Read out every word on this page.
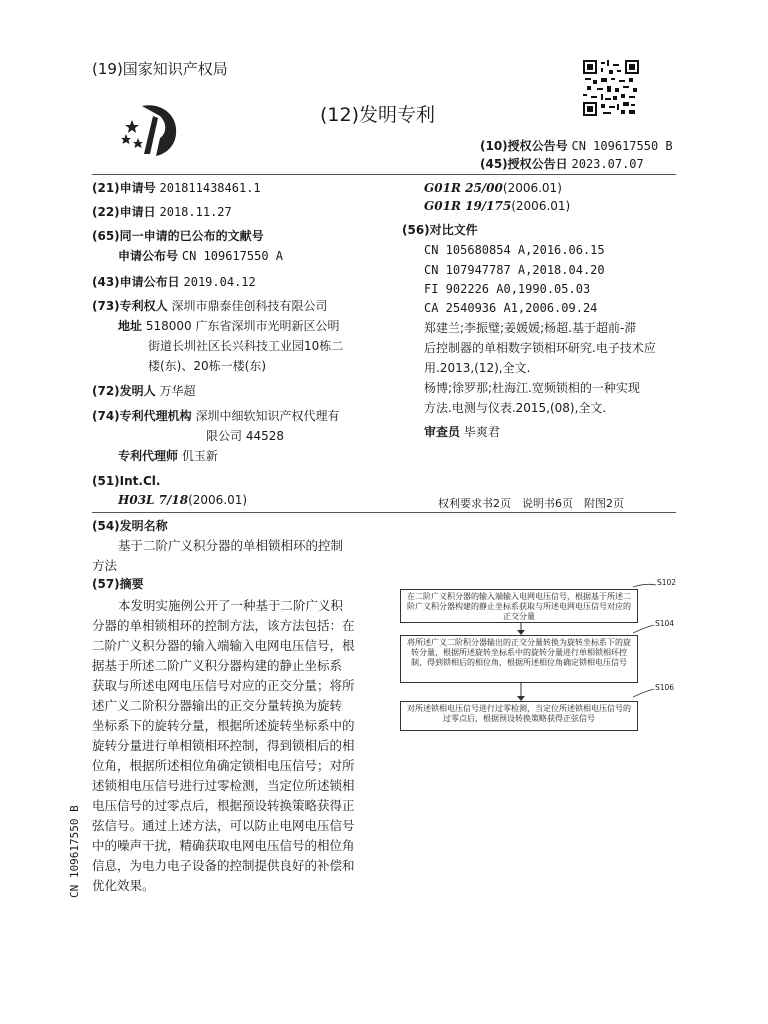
(19)国家知识产权局
(12)发明专利
(10)授权公告号 CN 109617550 B
(45)授权公告日 2023.07.07
(21)申请号 201811438461.1
(22)申请日 2018.11.27
(65)同一申请的已公布的文献号
申请公布号 CN 109617550 A
(43)申请公布日 2019.04.12
(73)专利权人 深圳市鼎泰佳创科技有限公司
地址 518000 广东省深圳市光明新区公明
街道长圳社区长兴科技工业园10栋二
楼(东)、20栋一楼(东)
(72)发明人 万华超
(74)专利代理机构 深圳中细软知识产权代理有
限公司 44528
专利代理师 仉玉新
(51)Int.Cl.
H03L 7/18(2006.01)
G01R 25/00(2006.01)
G01R 19/175(2006.01)
(56)对比文件
CN 105680854 A,2016.06.15
CN 107947787 A,2018.04.20
FI 902226 A0,1990.05.03
CA 2540936 A1,2006.09.24
郑建兰;李振璧;姜媛媛;杨超.基于超前-滞
后控制器的单相数字锁相环研究.电子技术应
用.2013,(12),全文.
杨博;徐罗那;杜海江.宽频锁相的一种实现
方法.电测与仪表.2015,(08),全文.
审查员 毕爽君
权利要求书2页　说明书6页　附图2页
(54)发明名称
基于二阶广义积分器的单相锁相环的控制
方法
(57)摘要
本发明实施例公开了一种基于二阶广义积
分器的单相锁相环的控制方法，该方法包括：在
二阶广义积分器的输入端输入电网电压信号，根
据基于所述二阶广义积分器构建的静止坐标系
获取与所述电网电压信号对应的正交分量；将所
述广义二阶积分器输出的正交分量转换为旋转
坐标系下的旋转分量，根据所述旋转坐标系中的
旋转分量进行单相锁相环控制，得到锁相后的相
位角，根据所述相位角确定锁相电压信号；对所
述锁相电压信号进行过零检测，当定位所述锁相
电压信号的过零点后，根据预设转换策略获得正
弦信号。通过上述方法，可以防止电网电压信号
中的噪声干扰，精确获取电网电压信号的相位角
信息，为电力电子设备的控制提供良好的补偿和
优化效果。
CN 109617550 B
S102
在二阶广义积分器的输入端输入电网电压信号，根据基于所述二阶广义积分器构建的静止坐标系获取与所述电网电压信号对应的正交分量
S104
将所述广义二阶积分器输出的正交分量转换为旋转坐标系下的旋转分量，根据所述旋转坐标系中的旋转分量进行单相锁相环控制，得到锁相后的相位角，根据所述相位角确定锁相电压信号
S106
对所述锁相电压信号进行过零检测，当定位所述锁相电压信号的过零点后，根据预设转换策略获得正弦信号
